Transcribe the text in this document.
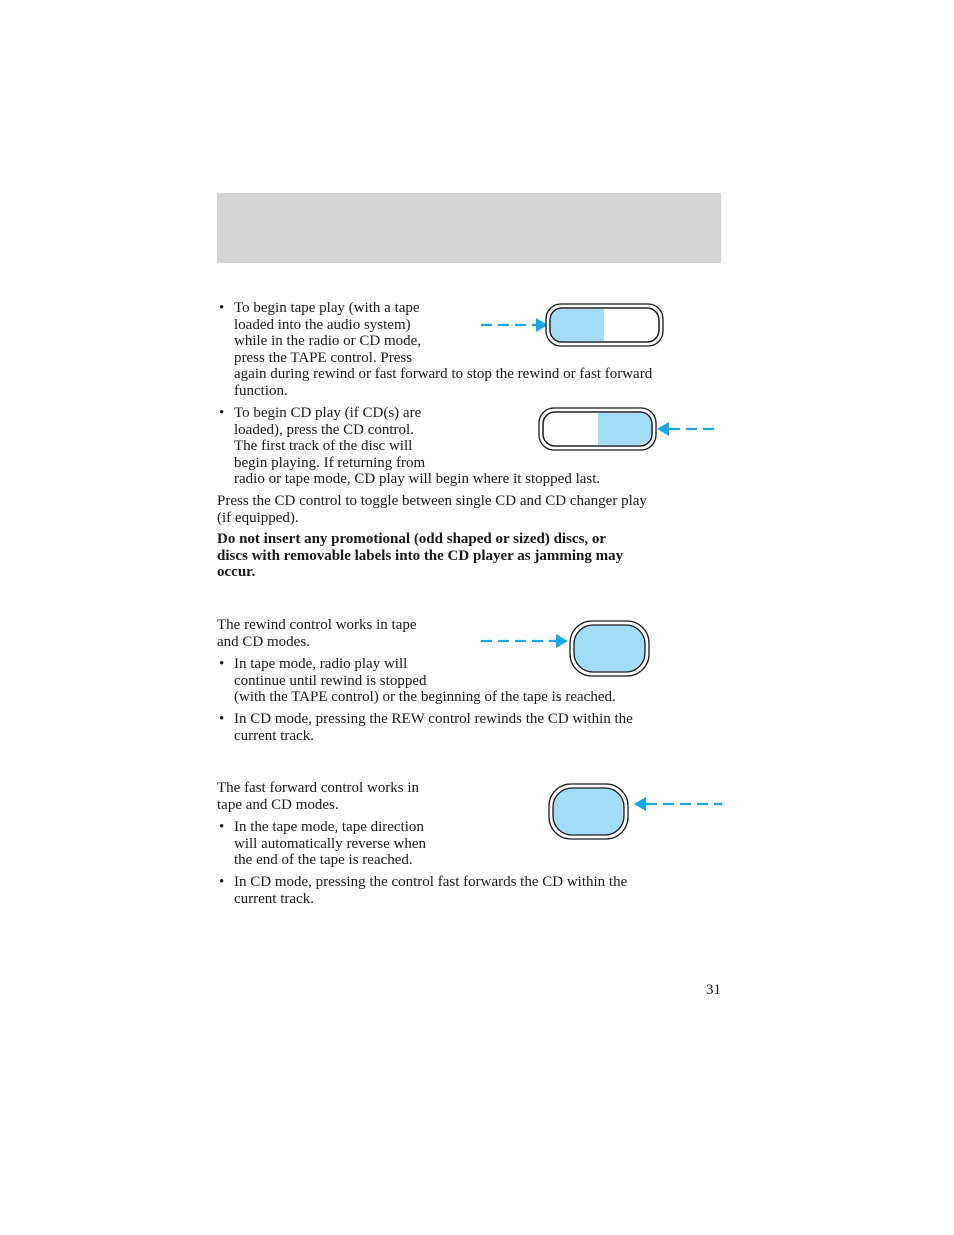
• To begin tape play (with a tape
loaded into the audio system)
while in the radio or CD mode,
press the TAPE control. Press
again during rewind or fast forward to stop the rewind or fast forward
function.
• To begin CD play (if CD(s) are
loaded), press the CD control.
The first track of the disc will
begin playing. If returning from
radio or tape mode, CD play will begin where it stopped last.
Press the CD control to toggle between single CD and CD changer play
(if equipped).
Do not insert any promotional (odd shaped or sized) discs, or
discs with removable labels into the CD player as jamming may
occur.
The rewind control works in tape
and CD modes.
• In tape mode, radio play will
continue until rewind is stopped
(with the TAPE control) or the beginning of the tape is reached.
• In CD mode, pressing the REW control rewinds the CD within the
current track.
The fast forward control works in
tape and CD modes.
• In the tape mode, tape direction
will automatically reverse when
the end of the tape is reached.
• In CD mode, pressing the control fast forwards the CD within the
current track.
31
